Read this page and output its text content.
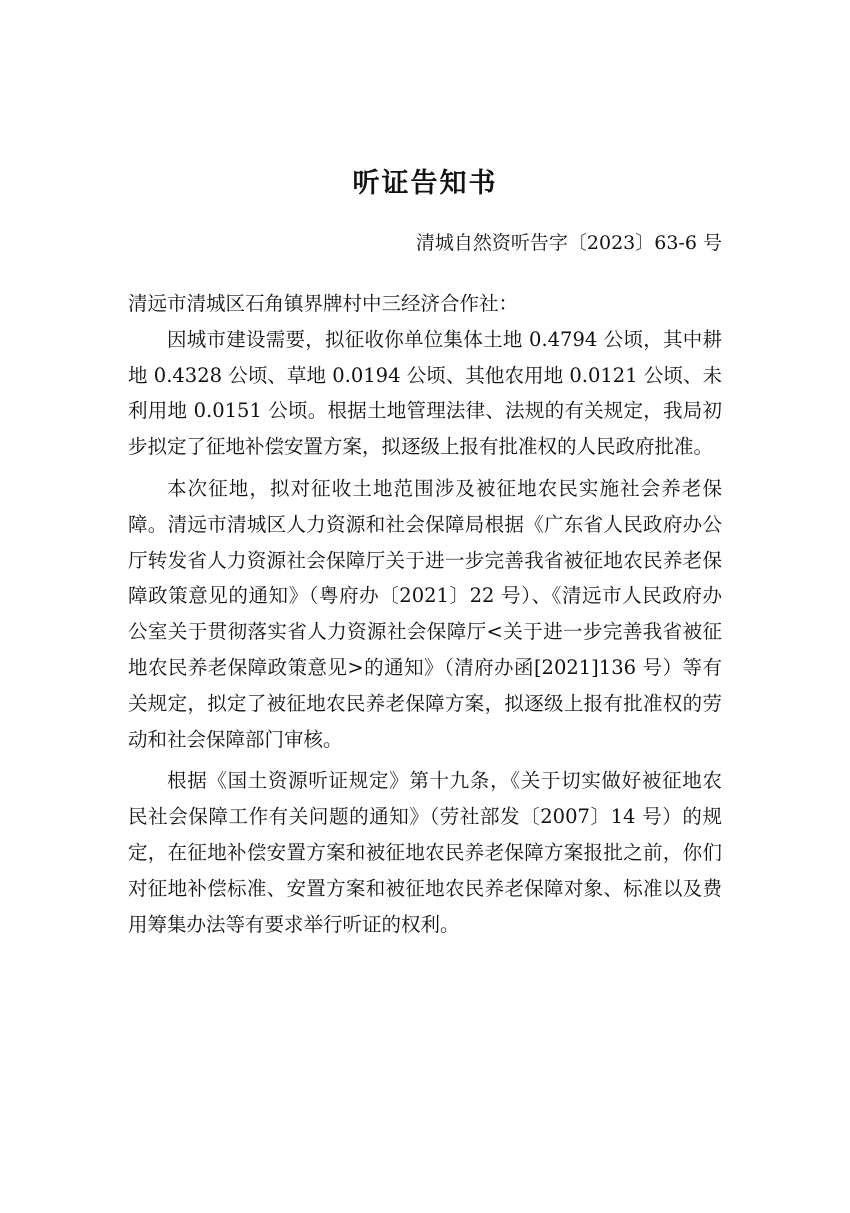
听证告知书
清城自然资听告字〔2023〕63-6 号

清远市清城区石角镇界牌村中三经济合作社：

因城市建设需要，拟征收你单位集体土地 0.4794 公顷，其中耕地 0.4328 公顷、草地 0.0194 公顷、其他农用地 0.0121 公顷、未利用地 0.0151 公顷。根据土地管理法律、法规的有关规定，我局初步拟定了征地补偿安置方案，拟逐级上报有批准权的人民政府批准。

本次征地，拟对征收土地范围涉及被征地农民实施社会养老保障。清远市清城区人力资源和社会保障局根据《广东省人民政府办公厅转发省人力资源社会保障厅关于进一步完善我省被征地农民养老保障政策意见的通知》（粤府办〔2021〕22 号）、《清远市人民政府办公室关于贯彻落实省人力资源社会保障厅<关于进一步完善我省被征地农民养老保障政策意见>的通知》（清府办函[2021]136 号）等有关规定，拟定了被征地农民养老保障方案，拟逐级上报有批准权的劳动和社会保障部门审核。

根据《国土资源听证规定》第十九条，《关于切实做好被征地农民社会保障工作有关问题的通知》（劳社部发〔2007〕14 号）的规定，在征地补偿安置方案和被征地农民养老保障方案报批之前，你们对征地补偿标准、安置方案和被征地农民养老保障对象、标准以及费用筹集办法等有要求举行听证的权利。
